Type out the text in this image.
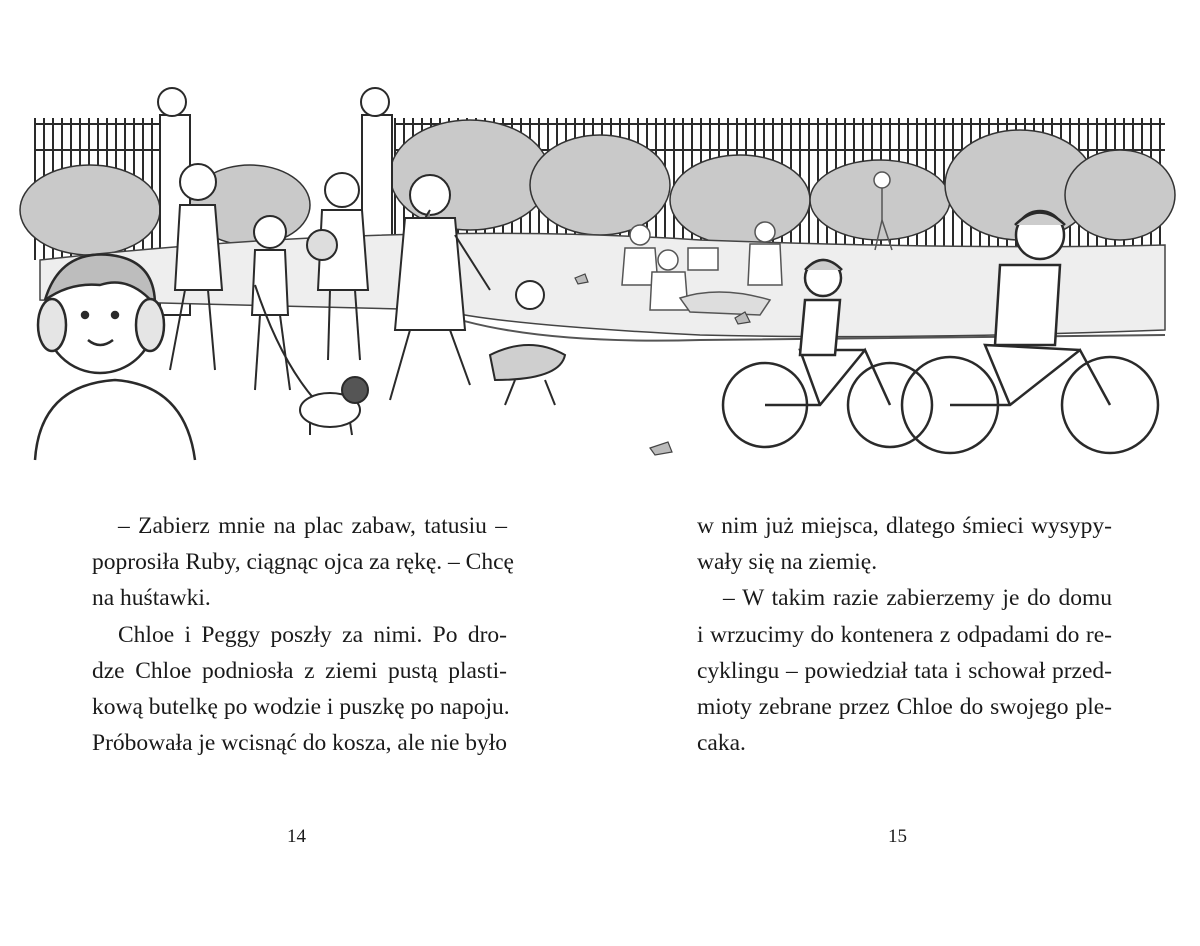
– Zabierz mnie na plac zabaw, tatusiu –

poprosiła Ruby, ciągnąc ojca za rękę. – Chcę

na huśtawki.

Chloe i Peggy poszły za nimi. Po dro-

dze Chloe podniosła z ziemi pustą plasti-

kową butelkę po wodzie i puszkę po napoju.

Próbowała je wcisnąć do kosza, ale nie było

w nim już miejsca, dlatego śmieci wysypy-

wały się na ziemię.

– W takim razie zabierzemy je do domu

i wrzucimy do kontenera z odpadami do re-

cyklingu – powiedział tata i schował przed-

mioty zebrane przez Chloe do swojego ple-

caka.

14	15
